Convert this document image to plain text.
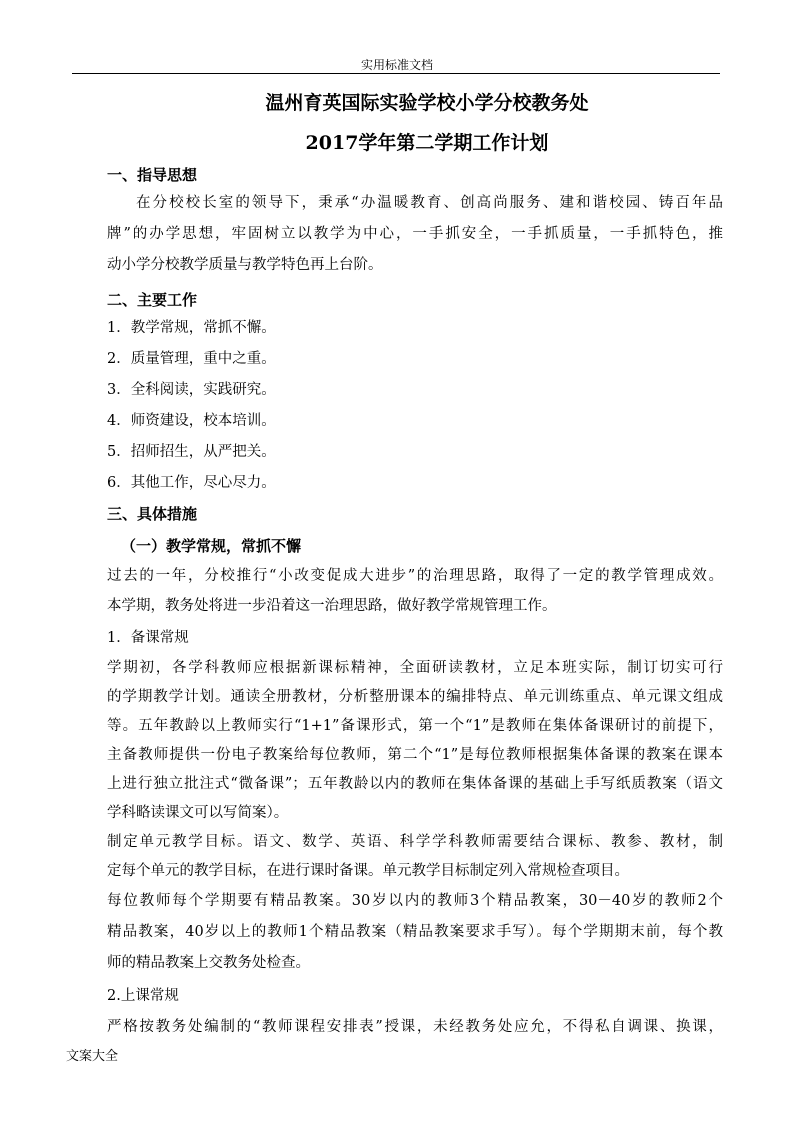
实用标准文档
温州育英国际实验学校小学分校教务处
2017学年第二学期工作计划
一、指导思想
在分校校长室的领导下，秉承“办温暖教育、创高尚服务、建和谐校园、铸百年品
牌”的办学思想，牢固树立以教学为中心，一手抓安全，一手抓质量，一手抓特色，推
动小学分校教学质量与教学特色再上台阶。
二、主要工作
1．教学常规，常抓不懈。
2．质量管理，重中之重。
3．全科阅读，实践研究。
4．师资建设，校本培训。
5．招师招生，从严把关。
6．其他工作，尽心尽力。
三、具体措施
（一）教学常规，常抓不懈
过去的一年，分校推行“小改变促成大进步”的治理思路，取得了一定的教学管理成效。
本学期，教务处将进一步沿着这一治理思路，做好教学常规管理工作。
1．备课常规
学期初，各学科教师应根据新课标精神，全面研读教材，立足本班实际，制订切实可行
的学期教学计划。通读全册教材，分析整册课本的编排特点、单元训练重点、单元课文组成
等。五年教龄以上教师实行“1+1”备课形式，第一个“1”是教师在集体备课研讨的前提下，
主备教师提供一份电子教案给每位教师，第二个“1”是每位教师根据集体备课的教案在课本
上进行独立批注式“微备课”；五年教龄以内的教师在集体备课的基础上手写纸质教案（语文
学科略读课文可以写简案）。
制定单元教学目标。语文、数学、英语、科学学科教师需要结合课标、教参、教材，制
定每个单元的教学目标，在进行课时备课。单元教学目标制定列入常规检查项目。
每位教师每个学期要有精品教案。30岁以内的教师3个精品教案，30－40岁的教师2个
精品教案，40岁以上的教师1个精品教案（精品教案要求手写）。每个学期期末前，每个教
师的精品教案上交教务处检查。
2.上课常规
严格按教务处编制的“教师课程安排表”授课，未经教务处应允，不得私自调课、换课，
文案大全
